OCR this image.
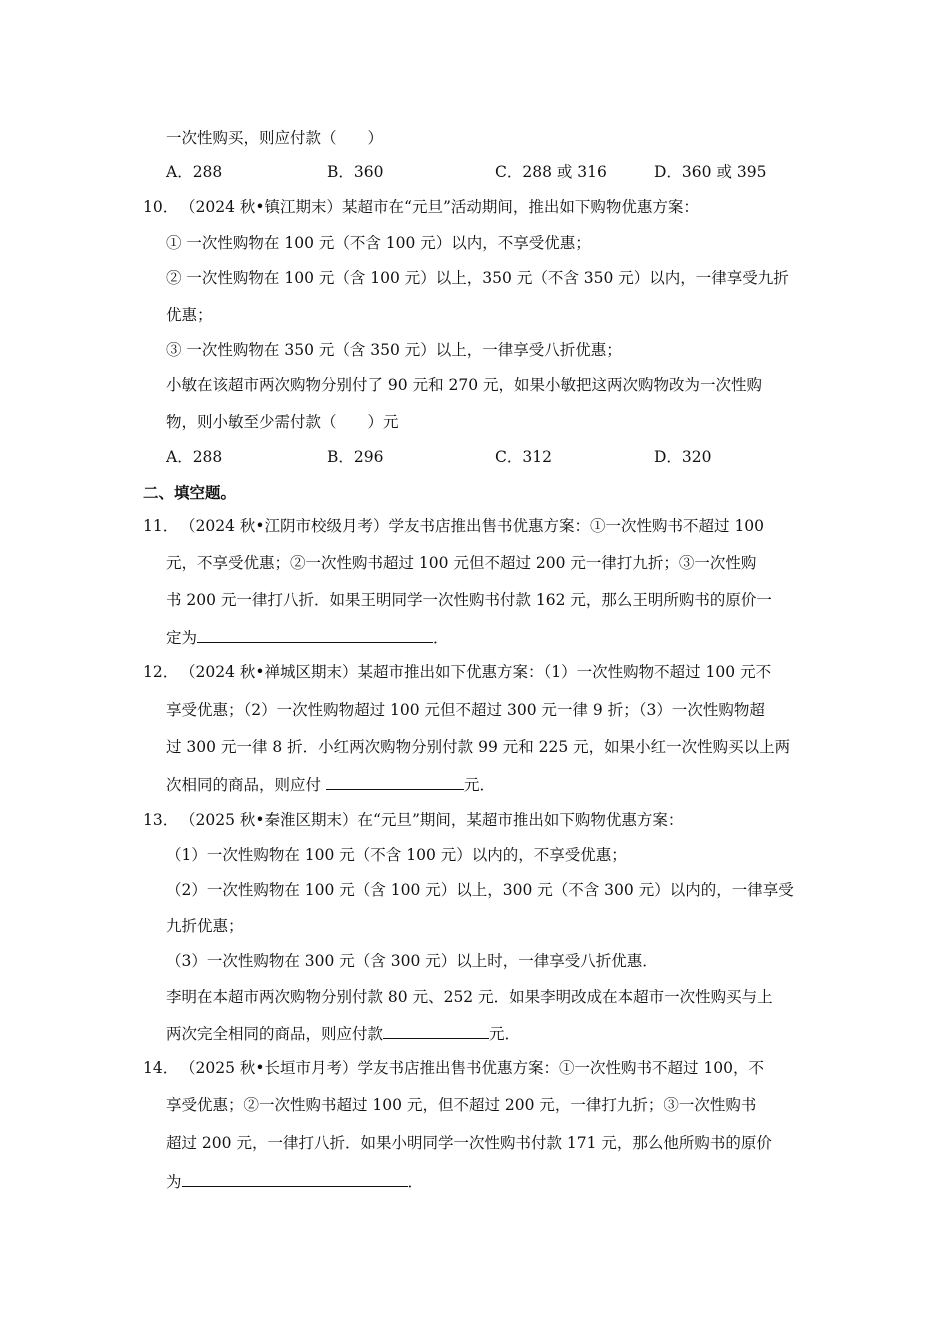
一次性购买，则应付款（　　）
A．288	B．360	C．288 或 316	D．360 或 395
10． （2024 秋•镇江期末）某超市在“元旦”活动期间，推出如下购物优惠方案：
① 一次性购物在 100 元（不含 100 元）以内，不享受优惠；
② 一次性购物在 100 元（含 100 元）以上，350 元（不含 350 元）以内，一律享受九折
优惠；
③ 一次性购物在 350 元（含 350 元）以上，一律享受八折优惠；
小敏在该超市两次购物分别付了 90 元和 270 元，如果小敏把这两次购物改为一次性购
物，则小敏至少需付款（　　）元
A．288	B．296	C．312	D．320
二、填空题。
11． （2024 秋•江阴市校级月考）学友书店推出售书优惠方案：①一次性购书不超过 100
元，不享受优惠；②一次性购书超过 100 元但不超过 200 元一律打九折；③一次性购
书 200 元一律打八折．如果王明同学一次性购书付款 162 元，那么王明所购书的原价一
定为	．
12． （2024 秋•禅城区期末）某超市推出如下优惠方案：（1）一次性购物不超过 100 元不
享受优惠；（2）一次性购物超过 100 元但不超过 300 元一律 9 折；（3）一次性购物超
过 300 元一律 8 折．小红两次购物分别付款 99 元和 225 元，如果小红一次性购买以上两
次相同的商品，则应付	元．
13． （2025 秋•秦淮区期末）在“元旦”期间，某超市推出如下购物优惠方案：
（1）一次性购物在 100 元（不含 100 元）以内的，不享受优惠；
（2）一次性购物在 100 元（含 100 元）以上，300 元（不含 300 元）以内的，一律享受
九折优惠；
（3）一次性购物在 300 元（含 300 元）以上时，一律享受八折优惠．
李明在本超市两次购物分别付款 80 元、252 元．如果李明改成在本超市一次性购买与上
两次完全相同的商品，则应付款	元．
14． （2025 秋•长垣市月考）学友书店推出售书优惠方案：①一次性购书不超过 100，不
享受优惠；②一次性购书超过 100 元，但不超过 200 元，一律打九折；③一次性购书
超过 200 元，一律打八折．如果小明同学一次性购书付款 171 元，那么他所购书的原价
为	．
